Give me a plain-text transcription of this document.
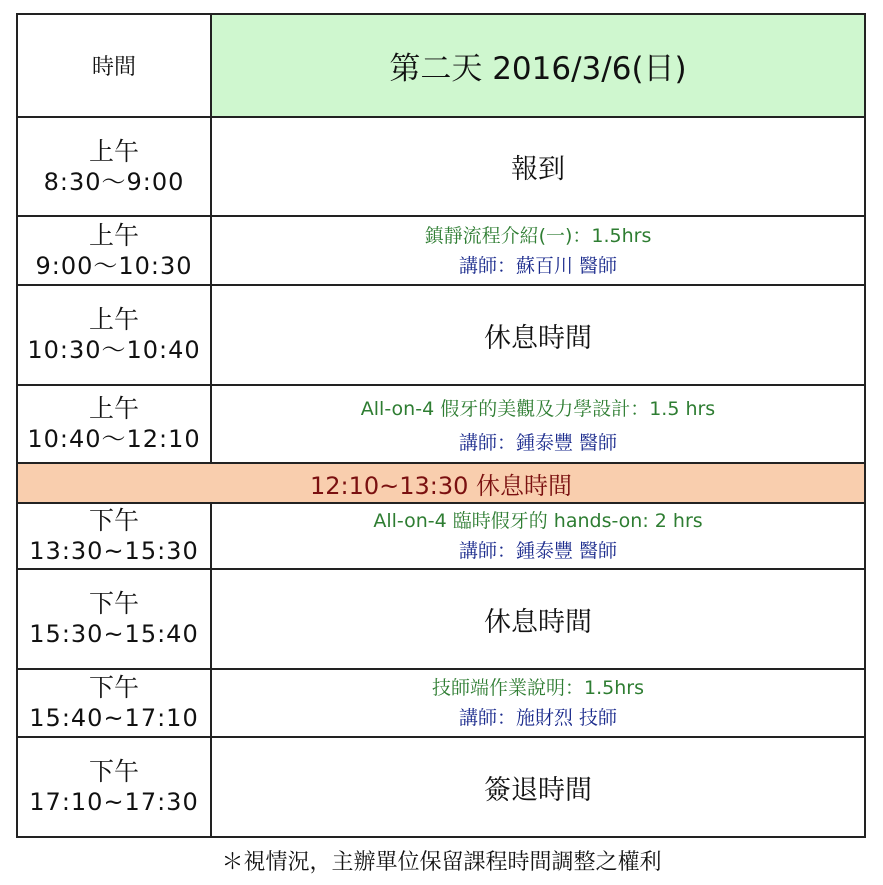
時間	第二天 2016/3/6(日)

上午
8:30～9:00	報到

上午
9:00～10:30	鎮靜流程介紹(一)：1.5hrs
講師：蘇百川 醫師

上午
10:30～10:40	休息時間

上午
10:40～12:10	All-on-4 假牙的美觀及力學設計：1.5 hrs
講師：鍾泰豐 醫師

12:10~13:30 休息時間	

下午
13:30~15:30	All-on-4 臨時假牙的 hands-on: 2 hrs
講師：鍾泰豐 醫師

下午
15:30~15:40	休息時間

下午
15:40~17:10	技師端作業說明：1.5hrs
講師：施財烈 技師

下午
17:10~17:30	簽退時間
＊視情況，主辦單位保留課程時間調整之權利
